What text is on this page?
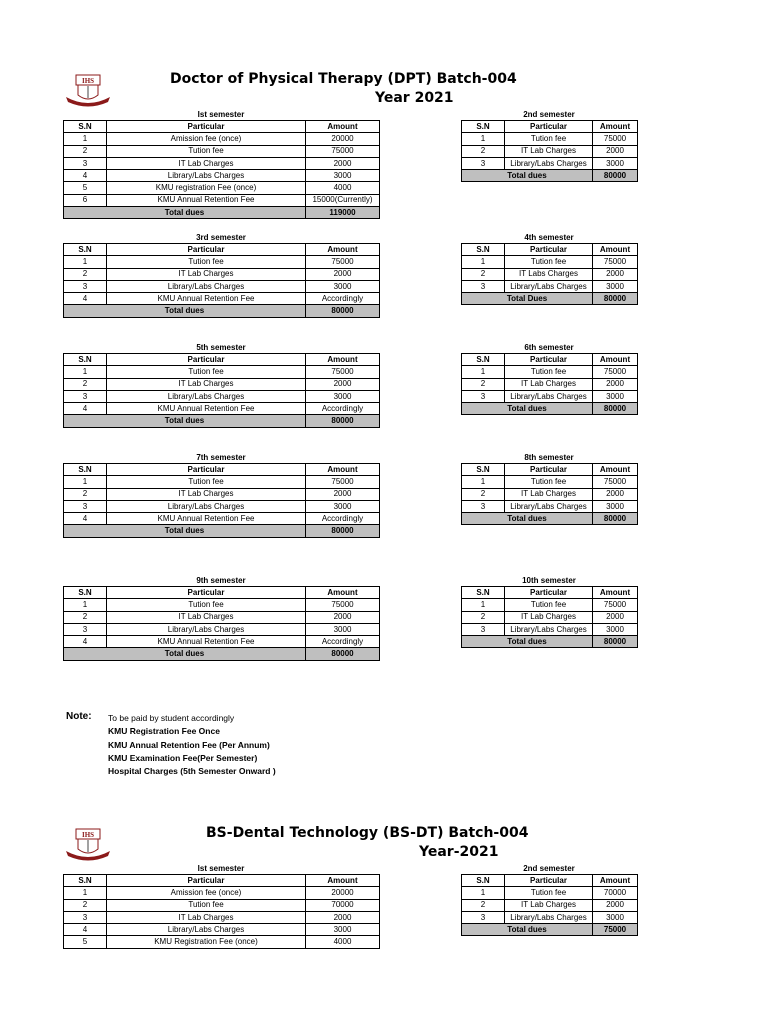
IHS	Doctor of Physical Therapy (DPT) Batch-004
Year 2021
Ist semester
S.N	Particular	Amount
1	Amission fee (once)	20000
2	Tution fee	75000
3	IT Lab Charges	2000
4	Library/Labs Charges	3000
5	KMU registration Fee (once)	4000
6	KMU Annual Retention Fee	15000(Currently)
Total dues		119000
2nd semester
S.N	Particular	Amount
1	Tution fee	75000
2	IT Lab Charges	2000
3	Library/Labs Charges	3000
Total dues		80000
3rd semester
S.N	Particular	Amount
1	Tution fee	75000
2	IT Lab Charges	2000
3	Library/Labs Charges	3000
4	KMU Annual Retention Fee	Accordingly
Total dues		80000
4th semester
S.N	Particular	Amount
1	Tution fee	75000
2	IT Labs Charges	2000
3	Library/Labs Charges	3000
Total Dues		80000
5th semester
S.N	Particular	Amount
1	Tution fee	75000
2	IT Lab Charges	2000
3	Library/Labs Charges	3000
4	KMU Annual Retention Fee	Accordingly
Total dues		80000
6th semester
S.N	Particular	Amount
1	Tution fee	75000
2	IT Lab Charges	2000
3	Library/Labs Charges	3000
Total dues		80000
7th semester
S.N	Particular	Amount
1	Tution fee	75000
2	IT Lab Charges	2000
3	Library/Labs Charges	3000
4	KMU Annual Retention Fee	Accordingly
Total dues		80000
8th semester
S.N	Particular	Amount
1	Tution fee	75000
2	IT Lab Charges	2000
3	Library/Labs Charges	3000
Total dues		80000
9th semester
S.N	Particular	Amount
1	Tution fee	75000
2	IT Lab Charges	2000
3	Library/Labs Charges	3000
4	KMU Annual Retention Fee	Accordingly
Total dues		80000
10th semester
S.N	Particular	Amount
1	Tution fee	75000
2	IT Lab Charges	2000
3	Library/Labs Charges	3000
Total dues		80000
Note: To be paid by student accordingly
KMU Registration Fee Once
KMU Annual Retention Fee (Per Annum)
KMU Examination Fee(Per Semester)
Hospital Charges (5th Semester Onward )
IHS	BS-Dental Technology (BS-DT) Batch-004
Year-2021
Ist semester
S.N	Particular	Amount
1	Amission fee (once)	20000
2	Tution fee	70000
3	IT Lab Charges	2000
4	Library/Labs Charges	3000
5	KMU Registration Fee (once)	4000
2nd semester
S.N	Particular	Amount
1	Tution fee	70000
2	IT Lab Charges	2000
3	Library/Labs Charges	3000
Total dues		75000
